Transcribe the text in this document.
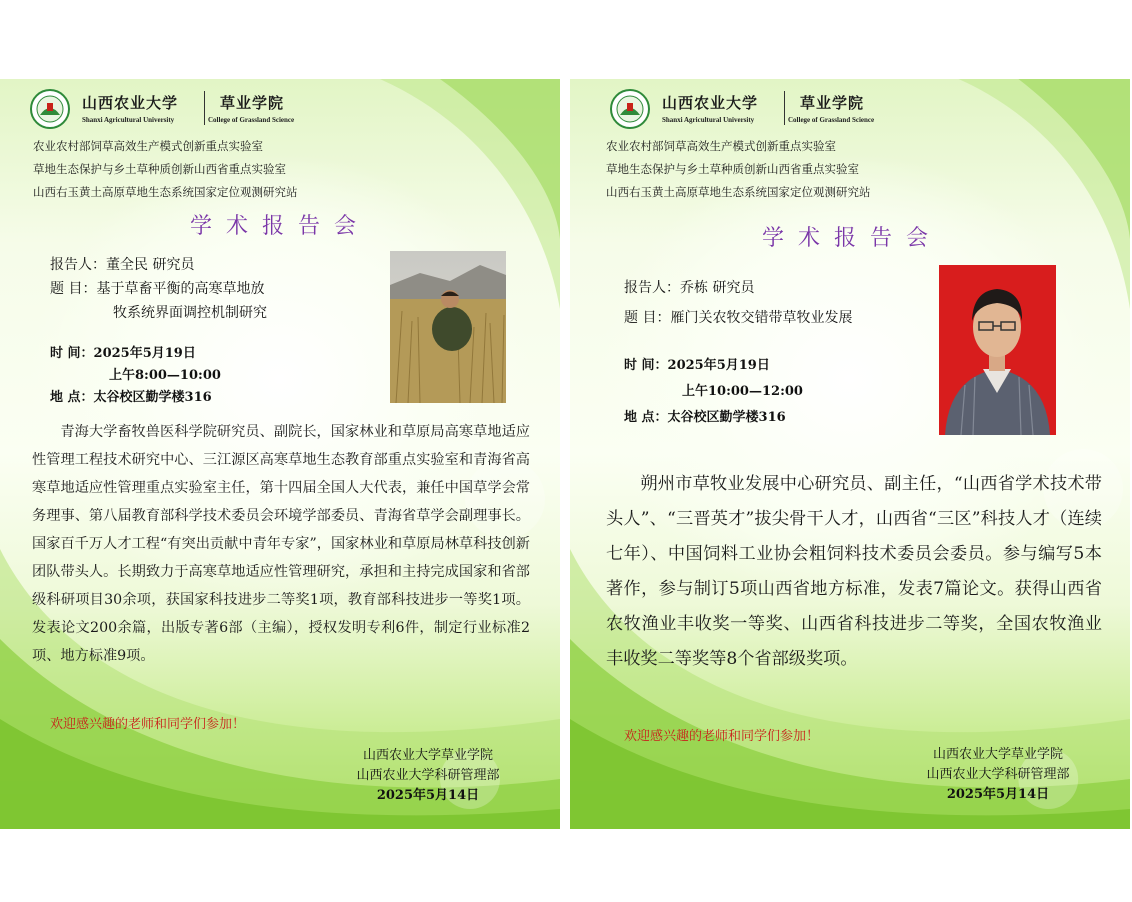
山西农业大学
Shanxi Agricultural University
草业学院
College of Grassland Science
农业农村部饲草高效生产模式创新重点实验室
草地生态保护与乡土草种质创新山西省重点实验室
山西右玉黄土高原草地生态系统国家定位观测研究站
学术报告会
报告人：董全民 研究员
题 目：基于草畜平衡的高寒草地放
牧系统界面调控机制研究
时 间：2025年5月19日
上午8:00—10:00
地 点：太谷校区勤学楼316
青海大学畜牧兽医科学院研究员、副院长，国家林业和草原局高寒草地适应性管理工程技术研究中心、三江源区高寒草地生态教育部重点实验室和青海省高寒草地适应性管理重点实验室主任，第十四届全国人大代表，兼任中国草学会常务理事、第八届教育部科学技术委员会环境学部委员、青海省草学会副理事长。国家百千万人才工程“有突出贡献中青年专家”，国家林业和草原局林草科技创新团队带头人。长期致力于高寒草地适应性管理研究，承担和主持完成国家和省部级科研项目30余项，获国家科技进步二等奖1项，教育部科技进步一等奖1项。发表论文200余篇，出版专著6部（主编），授权发明专利6件，制定行业标准2项、地方标准9项。
欢迎感兴趣的老师和同学们参加！
山西农业大学草业学院
山西农业大学科研管理部
2025年5月14日
山西农业大学
Shanxi Agricultural University
草业学院
College of Grassland Science
农业农村部饲草高效生产模式创新重点实验室
草地生态保护与乡土草种质创新山西省重点实验室
山西右玉黄土高原草地生态系统国家定位观测研究站
学术报告会
报告人：乔栋 研究员
题 目：雁门关农牧交错带草牧业发展
时 间：2025年5月19日
上午10:00—12:00
地 点：太谷校区勤学楼316
朔州市草牧业发展中心研究员、副主任，“山西省学术技术带头人”、“三晋英才”拔尖骨干人才，山西省“三区”科技人才（连续七年）、中国饲料工业协会粗饲料技术委员会委员。参与编写5本著作，参与制订5项山西省地方标准，发表7篇论文。获得山西省农牧渔业丰收奖一等奖、山西省科技进步二等奖，全国农牧渔业丰收奖二等奖等8个省部级奖项。
欢迎感兴趣的老师和同学们参加！
山西农业大学草业学院
山西农业大学科研管理部
2025年5月14日
